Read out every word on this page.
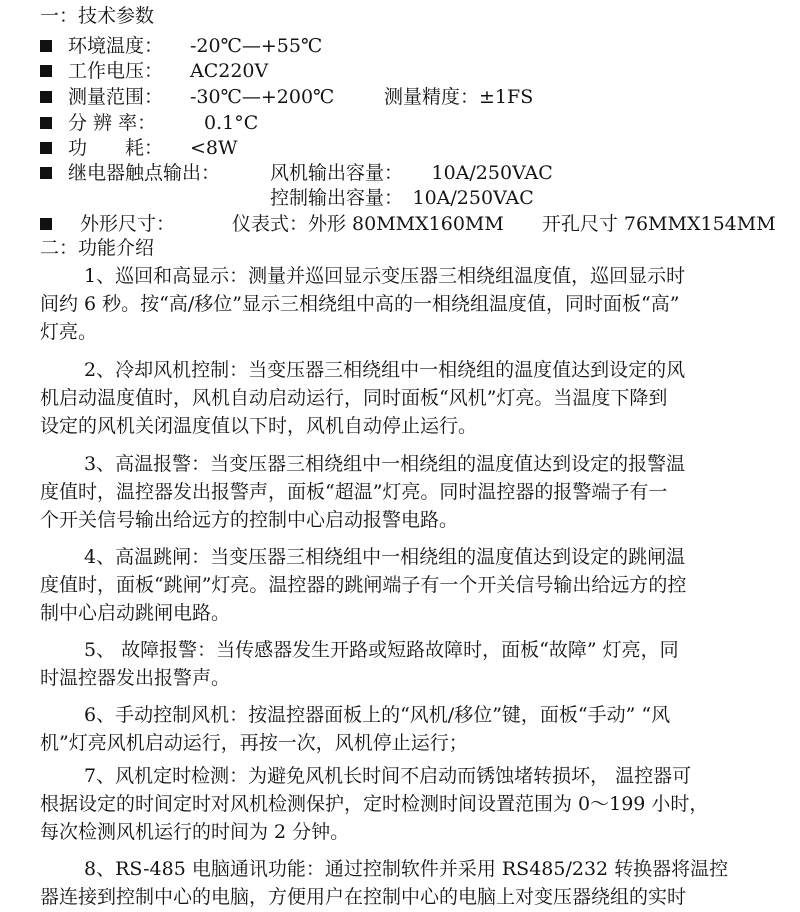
一：技术参数
环境温度： -20℃—+55℃
工作电压： AC220V
测量范围： -30℃—+200℃	测量精度：±1FS
分 辨 率：	0.1°C
功　　耗： <8W
继电器触点输出：	风机输出容量：　　10A/250VAC
控制输出容量：　10A/250VAC
外形尺寸：	仪表式：外形 80MMX160MM　　开孔尺寸 76MMX154MM
二：功能介绍
1、巡回和高显示：测量并巡回显示变压器三相绕组温度值，巡回显示时
间约 6 秒。按“高/移位”显示三相绕组中高的一相绕组温度值，同时面板“高”
灯亮。
2、冷却风机控制：当变压器三相绕组中一相绕组的温度值达到设定的风
机启动温度值时，风机自动启动运行，同时面板“风机”灯亮。当温度下降到
设定的风机关闭温度值以下时，风机自动停止运行。
3、高温报警：当变压器三相绕组中一相绕组的温度值达到设定的报警温
度值时，温控器发出报警声，面板“超温”灯亮。同时温控器的报警端子有一
个开关信号输出给远方的控制中心启动报警电路。
4、高温跳闸：当变压器三相绕组中一相绕组的温度值达到设定的跳闸温
度值时，面板“跳闸”灯亮。温控器的跳闸端子有一个开关信号输出给远方的控
制中心启动跳闸电路。
5、 故障报警：当传感器发生开路或短路故障时，面板“故障” 灯亮，同
时温控器发出报警声。
6、手动控制风机：按温控器面板上的“风机/移位”键，面板“手动” “风
机”灯亮风机启动运行，再按一次，风机停止运行；
7、风机定时检测：为避免风机长时间不启动而锈蚀堵转损坏， 温控器可
根据设定的时间定时对风机检测保护，定时检测时间设置范围为 0～199 小时，
每次检测风机运行的时间为 2 分钟。
8、RS-485 电脑通讯功能：通过控制软件并采用 RS485/232 转换器将温控
器连接到控制中心的电脑，方便用户在控制中心的电脑上对变压器绕组的实时
